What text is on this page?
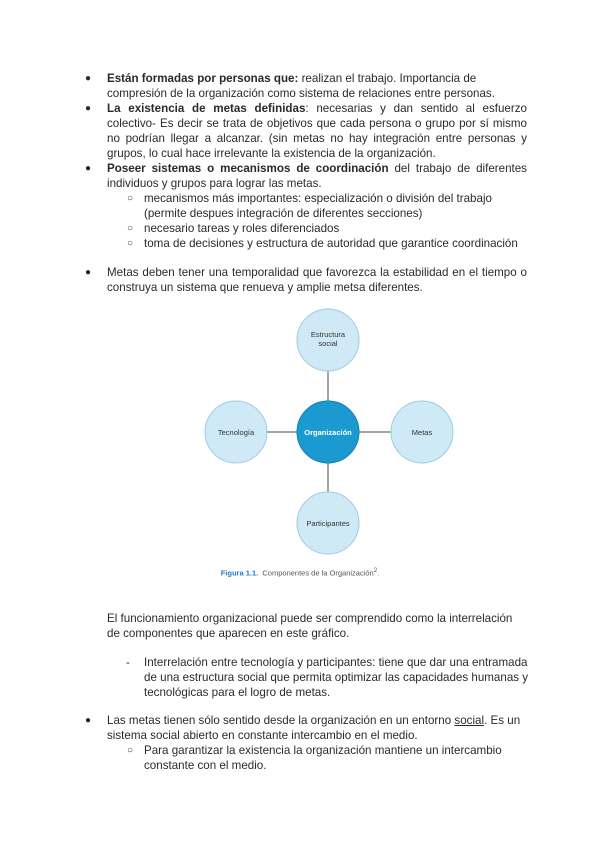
● Están formadas por personas que: realizan el trabajo. Importancia de compresión de la organización como sistema de relaciones entre personas.
● La existencia de metas definidas: necesarias y dan sentido al esfuerzo colectivo- Es decir se trata de objetivos que cada persona o grupo por sí mismo no podrían llegar a alcanzar. (sin metas no hay integración entre personas y grupos, lo cual hace irrelevante la existencia de la organización.
● Poseer sistemas o mecanismos de coordinación del trabajo de diferentes individuos y grupos para lograr las metas.
○ mecanismos más importantes: especialización o división del trabajo (permite despues integración de diferentes secciones)
○ necesario tareas y roles diferenciados
○ toma de decisiones y estructura de autoridad que garantice coordinación
● Metas deben tener una temporalidad que favorezca la estabilidad en el tiempo o construya un sistema que renueva y amplie metsa diferentes.
Estructura
social
Tecnología	Metas
Participantes
Organización
Figura 1.1. Componentes de la Organización$^2$.
El funcionamiento organizacional puede ser comprendido como la interrelación de componentes que aparecen en este gráfico.
- Interrelación entre tecnología y participantes: tiene que dar una entramada de una estructura social que permita optimizar las capacidades humanas y tecnológicas para el logro de metas.
● Las metas tienen sólo sentido desde la organización en un entorno social. Es un sistema social abierto en constante intercambio en el medio.
○ Para garantizar la existencia la organización mantiene un intercambio constante con el medio.
